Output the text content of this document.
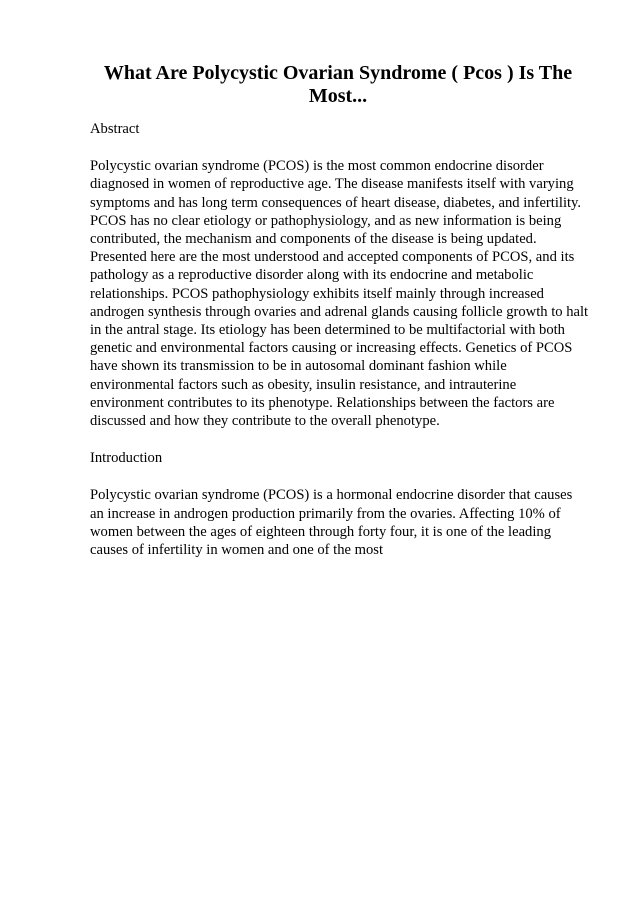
What Are Polycystic Ovarian Syndrome ( Pcos ) Is The Most...

Abstract

Polycystic ovarian syndrome (PCOS) is the most common endocrine disorder
diagnosed in women of reproductive age. The disease manifests itself with varying
symptoms and has long term consequences of heart disease, diabetes, and infertility.
PCOS has no clear etiology or pathophysiology, and as new information is being
contributed, the mechanism and components of the disease is being updated.
Presented here are the most understood and accepted components of PCOS, and its
pathology as a reproductive disorder along with its endocrine and metabolic
relationships. PCOS pathophysiology exhibits itself mainly through increased
androgen synthesis through ovaries and adrenal glands causing follicle growth to halt
in the antral stage. Its etiology has been determined to be multifactorial with both
genetic and environmental factors causing or increasing effects. Genetics of PCOS
have shown its transmission to be in autosomal dominant fashion while
environmental factors such as obesity, insulin resistance, and intrauterine
environment contributes to its phenotype. Relationships between the factors are
discussed and how they contribute to the overall phenotype.

Introduction

Polycystic ovarian syndrome (PCOS) is a hormonal endocrine disorder that causes
an increase in androgen production primarily from the ovaries. Affecting 10% of
women between the ages of eighteen through forty four, it is one of the leading
causes of infertility in women and one of the most
